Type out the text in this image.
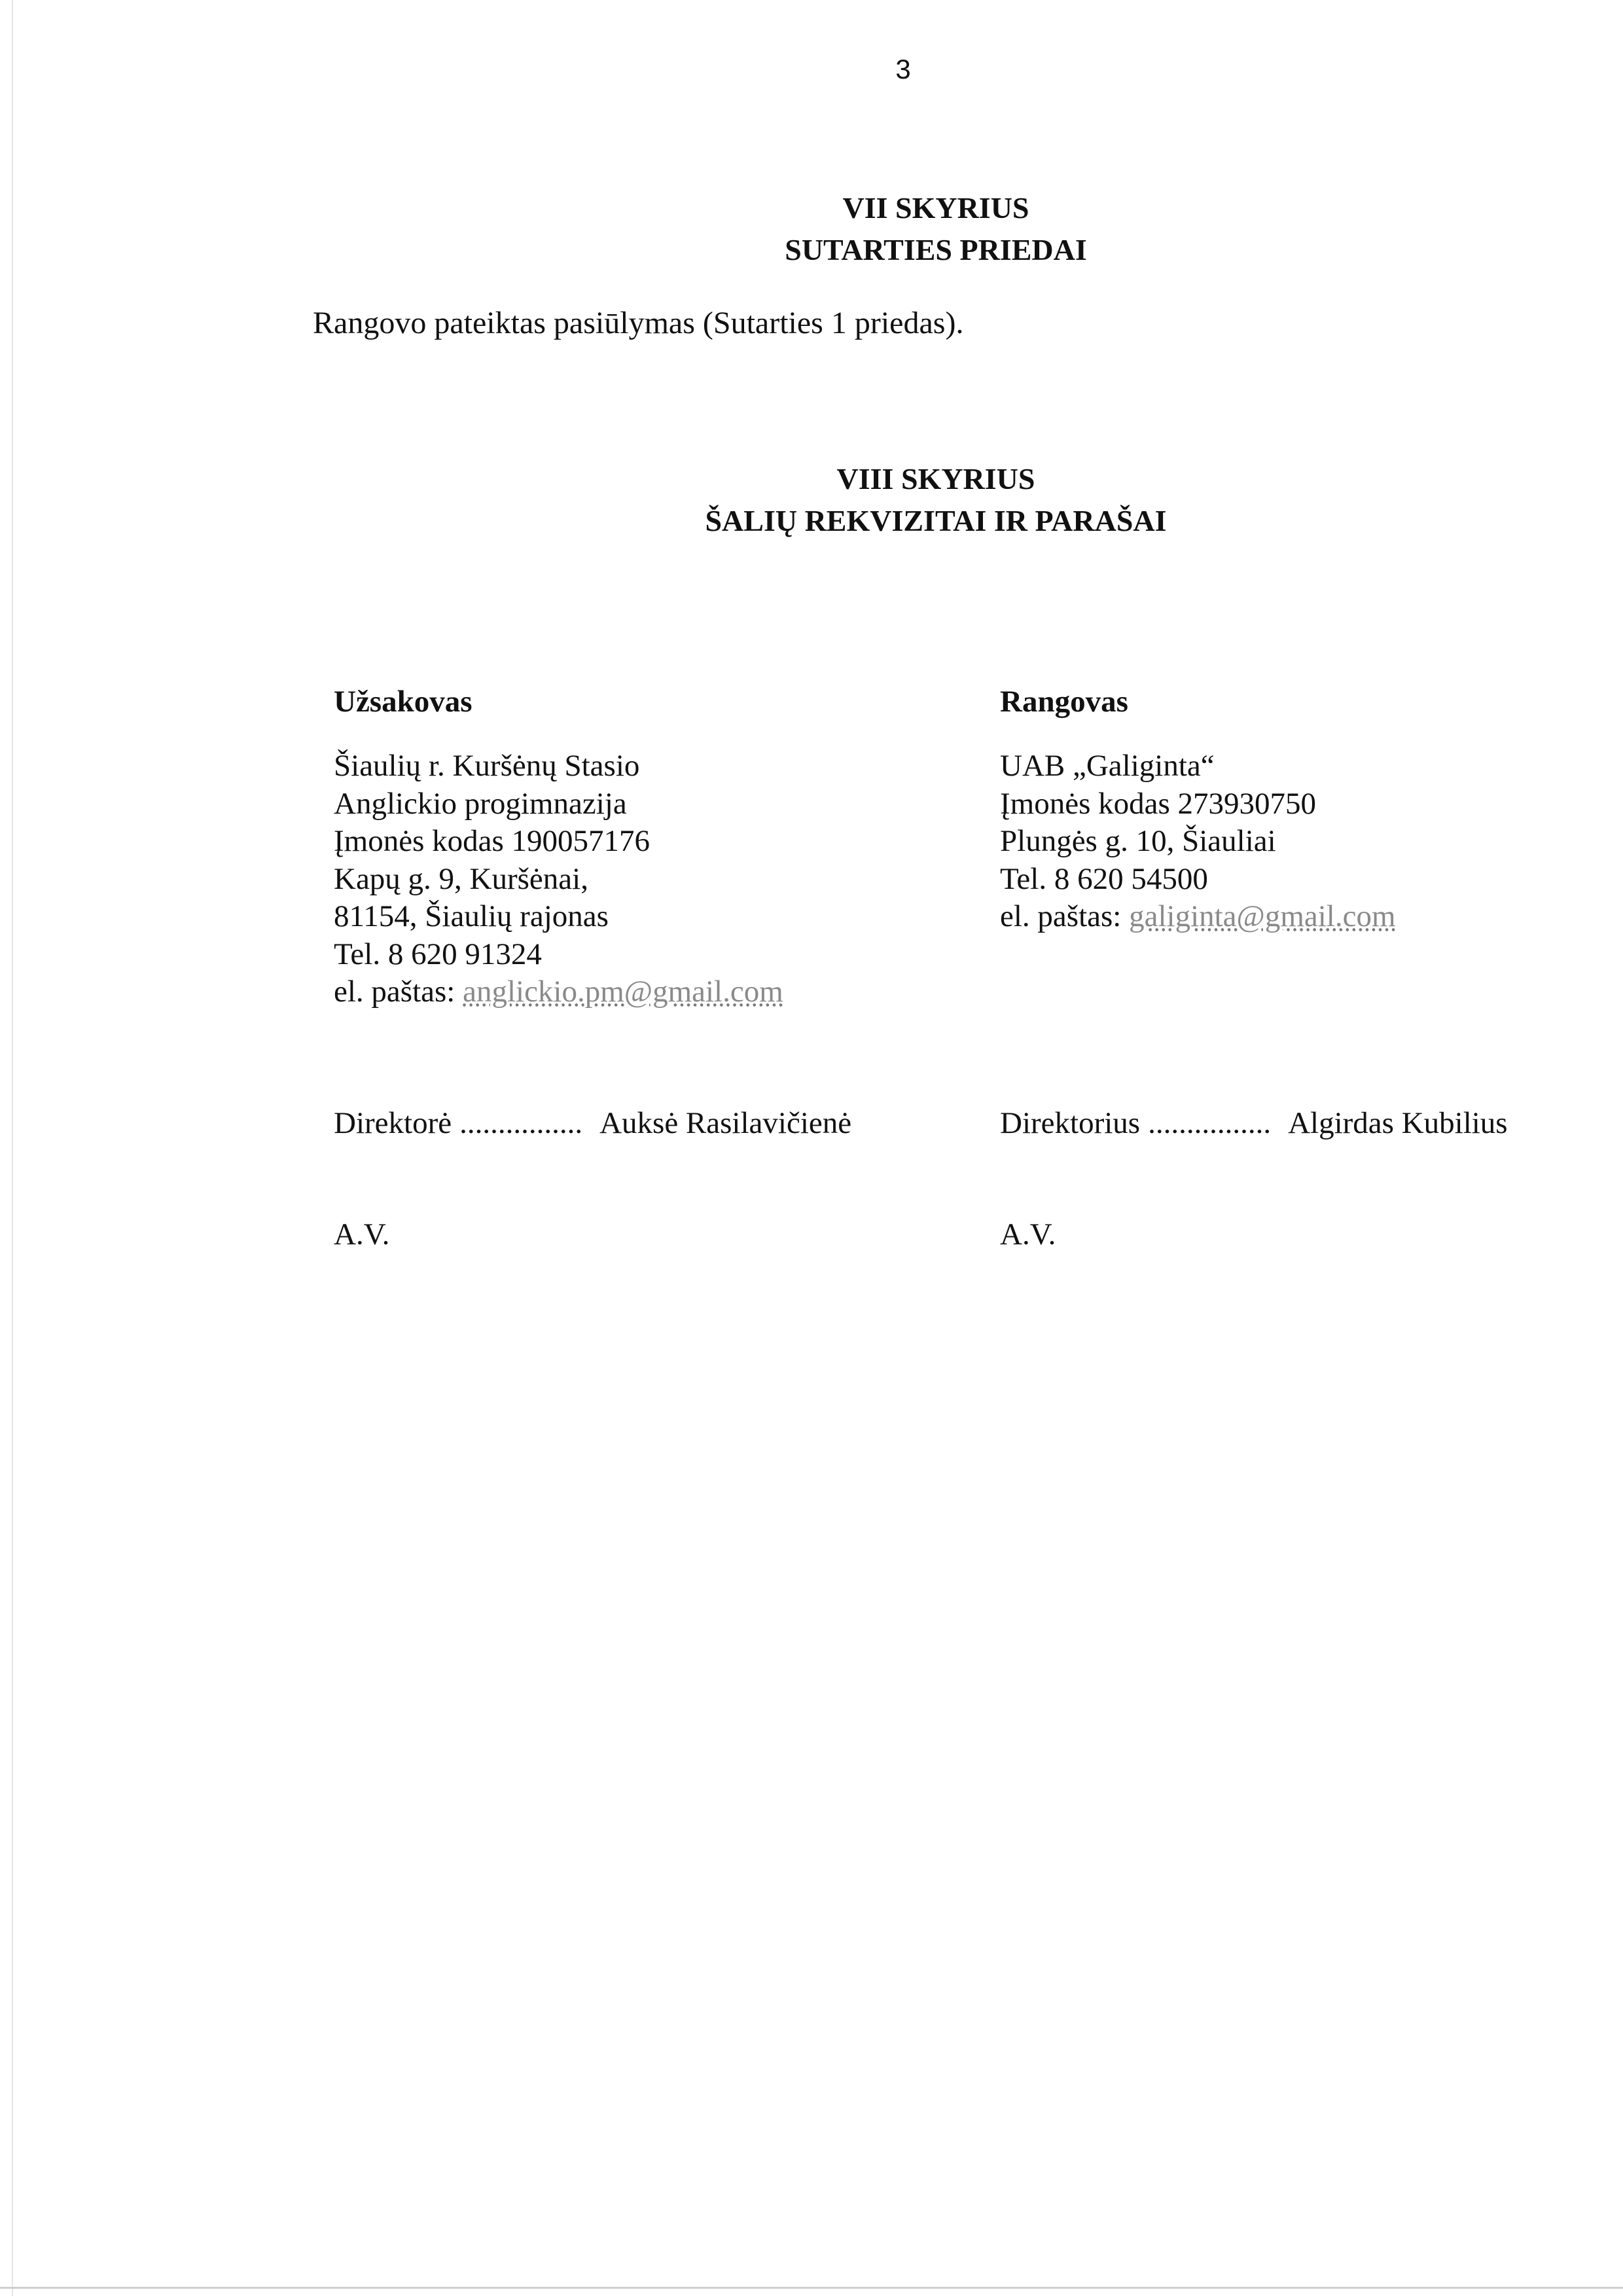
3
VII SKYRIUS
SUTARTIES PRIEDAI
Rangovo pateiktas pasiūlymas (Sutarties 1 priedas).
VIII SKYRIUS
ŠALIŲ REKVIZITAI IR PARAŠAI
Užsakovas
Šiaulių r. Kuršėnų Stasio
Anglickio progimnazija
Įmonės kodas 190057176
Kapų g. 9, Kuršėnai,
81154, Šiaulių rajonas
Tel. 8 620 91324
el. paštas: anglickio.pm@gmail.com
Rangovas
UAB „Galiginta“
Įmonės kodas 273930750
Plungės g. 10, Šiauliai
Tel. 8 620 54500
el. paštas: galiginta@gmail.com
Direktorė ................ Auksė Rasilavičienė	Direktorius ................ Algirdas Kubilius
A.V.	A.V.
